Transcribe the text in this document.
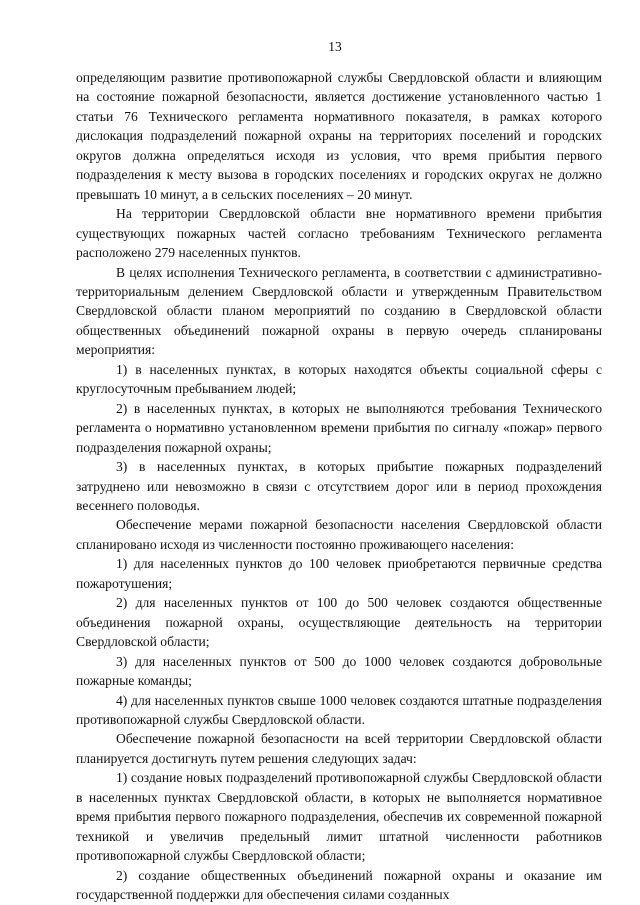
13

определяющим развитие противопожарной службы Свердловской области и влияющим на состояние пожарной безопасности, является достижение установленного частью 1 статьи 76 Технического регламента нормативного показателя, в рамках которого дислокация подразделений пожарной охраны на территориях поселений и городских округов должна определяться исходя из условия, что время прибытия первого подразделения к месту вызова в городских поселениях и городских округах не должно превышать 10 минут, а в сельских поселениях – 20 минут.

На территории Свердловской области вне нормативного времени прибытия существующих пожарных частей согласно требованиям Технического регламента расположено 279 населенных пунктов.

В целях исполнения Технического регламента, в соответствии с административно-территориальным делением Свердловской области и утвержденным Правительством Свердловской области планом мероприятий по созданию в Свердловской области общественных объединений пожарной охраны в первую очередь спланированы мероприятия:

1) в населенных пунктах, в которых находятся объекты социальной сферы с круглосуточным пребыванием людей;

2) в населенных пунктах, в которых не выполняются требования Технического регламента о нормативно установленном времени прибытия по сигналу «пожар» первого подразделения пожарной охраны;

3) в населенных пунктах, в которых прибытие пожарных подразделений затруднено или невозможно в связи с отсутствием дорог или в период прохождения весеннего половодья.

Обеспечение мерами пожарной безопасности населения Свердловской области спланировано исходя из численности постоянно проживающего населения:

1) для населенных пунктов до 100 человек приобретаются первичные средства пожаротушения;

2) для населенных пунктов от 100 до 500 человек создаются общественные объединения пожарной охраны, осуществляющие деятельность на территории Свердловской области;

3) для населенных пунктов от 500 до 1000 человек создаются добровольные пожарные команды;

4) для населенных пунктов свыше 1000 человек создаются штатные подразделения противопожарной службы Свердловской области.

Обеспечение пожарной безопасности на всей территории Свердловской области планируется достигнуть путем решения следующих задач:

1) создание новых подразделений противопожарной службы Свердловской области в населенных пунктах Свердловской области, в которых не выполняется нормативное время прибытия первого пожарного подразделения, обеспечив их современной пожарной техникой и увеличив предельный лимит штатной численности работников противопожарной службы Свердловской области;

2) создание общественных объединений пожарной охраны и оказание им государственной поддержки для обеспечения силами созданных
